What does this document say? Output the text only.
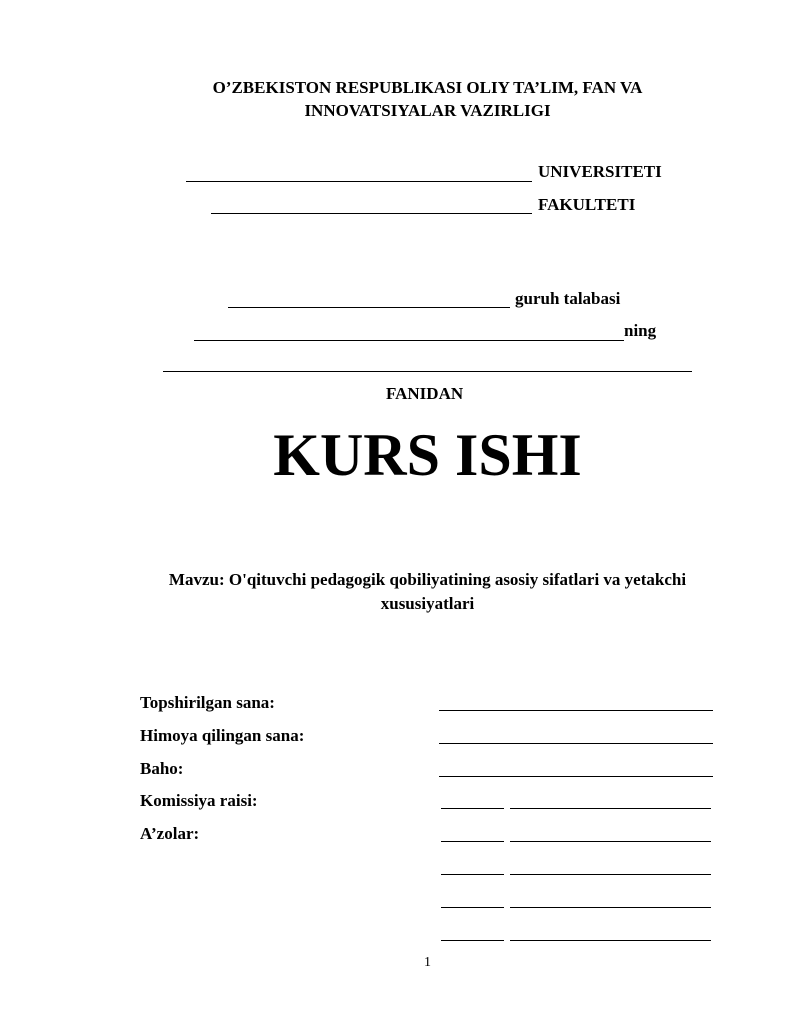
O’ZBEKISTON RESPUBLIKASI OLIY TA’LIM, FAN VA
INNOVATSIYALAR VAZIRLIGI
UNIVERSITETI
FAKULTETI
guruh talabasi
ning
FANIDAN
KURS ISHI
Mavzu: O'qituvchi pedagogik qobiliyatining asosiy sifatlari va yetakchi
xususiyatlari
Topshirilgan sana:
Himoya qilingan sana:
Baho:
Komissiya raisi:
A’zolar:
1
